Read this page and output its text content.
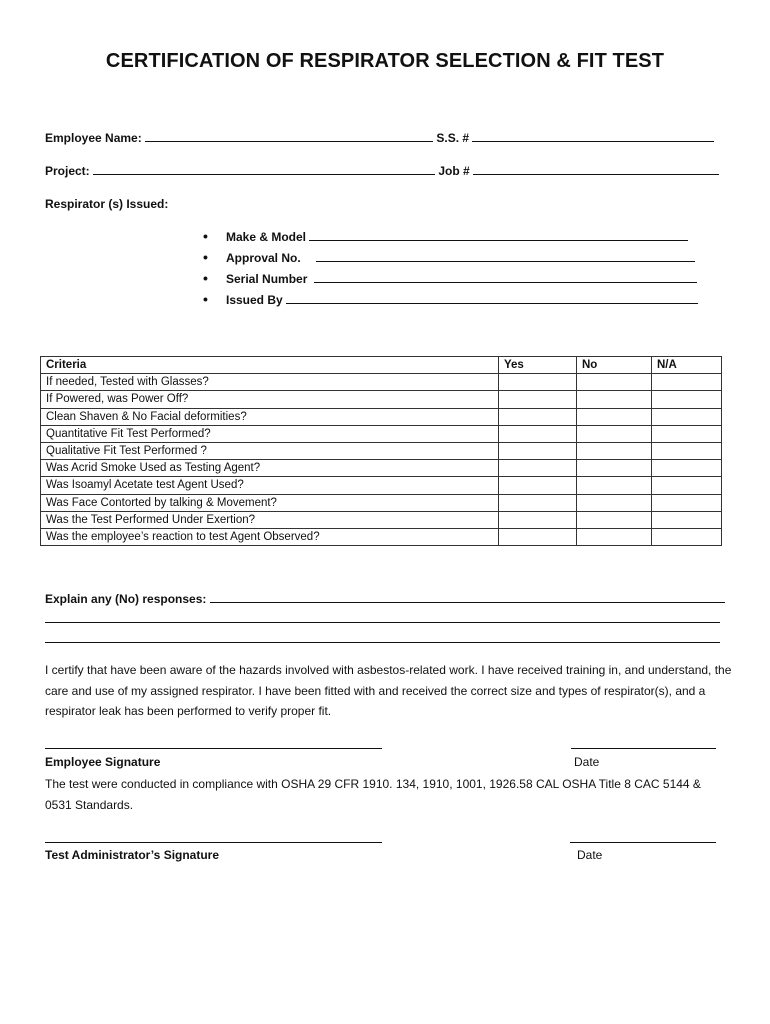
CERTIFICATION OF RESPIRATOR SELECTION & FIT TEST
Employee Name:	S.S. #
Project:	Job #
Respirator (s) Issued:
• Make & Model
• Approval No.
• Serial Number
• Issued By
Criteria	Yes	No	N/A
If needed, Tested with Glasses?			
If Powered, was Power Off?			
Clean Shaven & No Facial deformities?			
Quantitative Fit Test Performed?			
Qualitative Fit Test Performed ?			
Was Acrid Smoke Used as Testing Agent?			
Was Isoamyl Acetate test Agent Used?			
Was Face Contorted by talking & Movement?			
Was the Test Performed Under Exertion?			
Was the employee’s reaction to test Agent Observed?			
Explain any (No) responses:
I certify that have been aware of the hazards involved with asbestos-related work. I have received training in, and understand, the care and use of my assigned respirator. I have been fitted with and received the correct size and types of respirator(s), and a respirator leak has been performed to verify proper fit.
Employee Signature	Date
The test were conducted in compliance with OSHA 29 CFR 1910. 134, 1910, 1001, 1926.58 CAL OSHA Title 8 CAC 5144 & 0531 Standards.
Test Administrator’s Signature	Date
